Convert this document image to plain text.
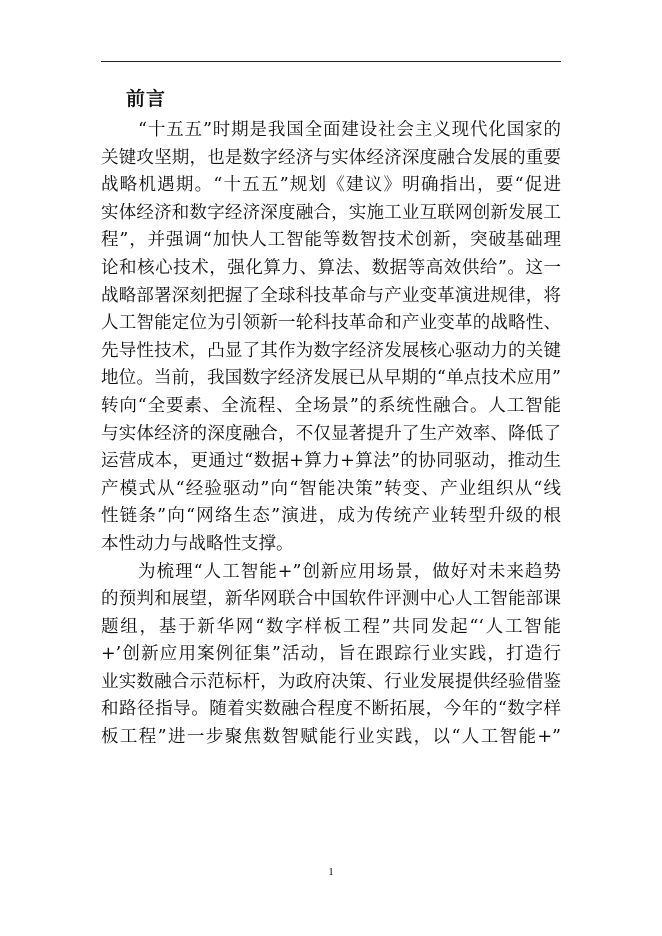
前言
“十五五”时期是我国全面建设社会主义现代化国家的
关键攻坚期，也是数字经济与实体经济深度融合发展的重要
战略机遇期。“十五五”规划《建议》明确指出，要“促进
实体经济和数字经济深度融合，实施工业互联网创新发展工
程”，并强调“加快人工智能等数智技术创新，突破基础理
论和核心技术，强化算力、算法、数据等高效供给”。这一
战略部署深刻把握了全球科技革命与产业变革演进规律，将
人工智能定位为引领新一轮科技革命和产业变革的战略性、
先导性技术，凸显了其作为数字经济发展核心驱动力的关键
地位。当前，我国数字经济发展已从早期的“单点技术应用”
转向“全要素、全流程、全场景”的系统性融合。人工智能
与实体经济的深度融合，不仅显著提升了生产效率、降低了
运营成本，更通过“数据+算力+算法”的协同驱动，推动生
产模式从“经验驱动”向“智能决策”转变、产业组织从“线
性链条”向“网络生态”演进，成为传统产业转型升级的根
本性动力与战略性支撑。
为梳理“人工智能+”创新应用场景，做好对未来趋势
的预判和展望，新华网联合中国软件评测中心人工智能部课
题组，基于新华网“数字样板工程”共同发起“‘人工智能
+’创新应用案例征集”活动，旨在跟踪行业实践，打造行
业实数融合示范标杆，为政府决策、行业发展提供经验借鉴
和路径指导。随着实数融合程度不断拓展，今年的“数字样
板工程”进一步聚焦数智赋能行业实践，以“人工智能+”
1
